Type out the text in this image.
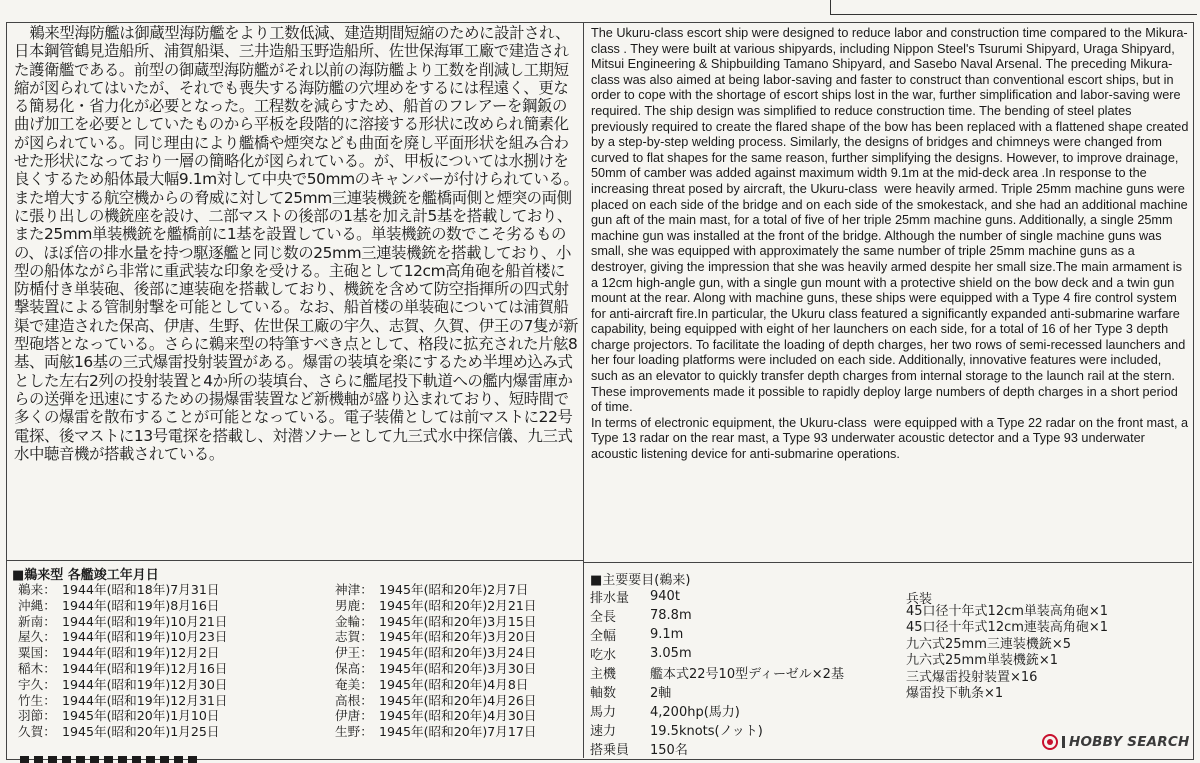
鵜来型海防艦は御蔵型海防艦をより工数低減、建造期間短縮のために設計され、日本鋼管鶴見造船所、浦賀船渠、三井造船玉野造船所、佐世保海軍工廠で建造された護衛艦である。前型の御蔵型海防艦がそれ以前の海防艦より工数を削減し工期短縮が図られてはいたが、それでも喪失する海防艦の穴埋めをするには程遠く、更なる簡易化・省力化が必要となった。工程数を減らすため、船首のフレアーを鋼鈑の曲げ加工を必要としていたものから平板を段階的に溶接する形状に改められ簡素化が図られている。同じ理由により艦橋や煙突なども曲面を廃し平面形状を組み合わせた形状になっており一層の簡略化が図られている。が、甲板については水捌けを良くするため船体最大幅9.1m対して中央で50mmのキャンバーが付けられている。また増大する航空機からの脅威に対して25mm三連装機銃を艦橋両側と煙突の両側に張り出しの機銃座を設け、二部マストの後部の1基を加え計5基を搭載しており、また25mm単装機銃を艦橋前に1基を設置している。単装機銃の数でこそ劣るものの、ほぼ倍の排水量を持つ駆逐艦と同じ数の25mm三連装機銃を搭載しており、小型の船体ながら非常に重武装な印象を受ける。主砲として12cm高角砲を船首楼に防楯付き単装砲、後部に連装砲を搭載しており、機銃を含めて防空指揮所の四式射撃装置による管制射撃を可能としている。なお、船首楼の単装砲については浦賀船渠で建造された保高、伊唐、生野、佐世保工廠の宇久、志賀、久賀、伊王の7隻が新型砲塔となっている。さらに鵜来型の特筆すべき点として、格段に拡充された片舷8基、両舷16基の三式爆雷投射装置がある。爆雷の装填を楽にするため半埋め込み式とした左右2列の投射装置と4か所の装填台、さらに艦尾投下軌道への艦内爆雷庫からの送弾を迅速にするための揚爆雷装置など新機軸が盛り込まれており、短時間で多くの爆雷を散布することが可能となっている。電子装備としては前マストに22号電探、後マストに13号電探を搭載し、対潜ソナーとして九三式水中探信儀、九三式水中聴音機が搭載されている。

The Ukuru-class escort ship were designed to reduce labor and construction time compared to the Mikura-class . They were built at various shipyards, including Nippon Steel's Tsurumi Shipyard, Uraga Shipyard, Mitsui Engineering & Shipbuilding Tamano Shipyard, and Sasebo Naval Arsenal. The preceding Mikura-class was also aimed at being labor-saving and faster to construct than conventional escort ships, but in order to cope with the shortage of escort ships lost in the war, further simplification and labor-saving were required. The ship design was simplified to reduce construction time. The bending of steel plates previously required to create the flared shape of the bow has been replaced with a flattened shape created by a step-by-step welding process. Similarly, the designs of bridges and chimneys were changed from curved to flat shapes for the same reason, further simplifying the designs. However, to improve drainage, 50mm of camber was added against maximum width 9.1m at the mid-deck area .In response to the increasing threat posed by aircraft, the Ukuru-class  were heavily armed. Triple 25mm machine guns were placed on each side of the bridge and on each side of the smokestack, and she had an additional machine gun aft of the main mast, for a total of five of her triple 25mm machine guns. Additionally, a single 25mm machine gun was installed at the front of the bridge. Although the number of single machine guns was small, she was equipped with approximately the same number of triple 25mm machine guns as a destroyer, giving the impression that she was heavily armed despite her small size.The main armament is a 12cm high-angle gun, with a single gun mount with a protective shield on the bow deck and a twin gun mount at the rear. Along with machine guns, these ships were equipped with a Type 4 fire control system for anti-aircraft fire.In particular, the Ukuru class featured a significantly expanded anti-submarine warfare capability, being equipped with eight of her launchers on each side, for a total of 16 of her Type 3 depth charge projectors. To facilitate the loading of depth charges, her two rows of semi-recessed launchers and her four loading platforms were included on each side. Additionally, innovative features were included, such as an elevator to quickly transfer depth charges from internal storage to the launch rail at the stern. These improvements made it possible to rapidly deploy large numbers of depth charges in a short period of time.
In terms of electronic equipment, the Ukuru-class  were equipped with a Type 22 radar on the front mast, a Type 13 radar on the rear mast, a Type 93 underwater acoustic detector and a Type 93 underwater acoustic listening device for anti-submarine operations.

■鵜来型 各艦竣工年月日
鵜来： 1944年(昭和18年)7月31日
沖縄： 1944年(昭和19年)8月16日
新南： 1944年(昭和19年)10月21日
屋久： 1944年(昭和19年)10月23日
粟国： 1944年(昭和19年)12月2日
稲木： 1944年(昭和19年)12月16日
宇久： 1944年(昭和19年)12月30日
竹生： 1944年(昭和19年)12月31日
羽節： 1945年(昭和20年)1月10日
久賀： 1945年(昭和20年)1月25日
神津： 1945年(昭和20年)2月7日
男鹿： 1945年(昭和20年)2月21日
金輪： 1945年(昭和20年)3月15日
志賀： 1945年(昭和20年)3月20日
伊王： 1945年(昭和20年)3月24日
保高： 1945年(昭和20年)3月30日
奄美： 1945年(昭和20年)4月8日
高根： 1945年(昭和20年)4月26日
伊唐： 1945年(昭和20年)4月30日
生野： 1945年(昭和20年)7月17日
■主要要目(鵜来)
排水量	940t
全長	78.8m
全幅	9.1m
吃水	3.05m
主機	艦本式22号10型ディーゼル×2基
軸数	2軸
馬力	4,200hp(馬力)
速力	19.5knots(ノット)
搭乗員	150名
兵装
45口径十年式12cm単装高角砲×1
45口径十年式12cm連装高角砲×1
九六式25mm三連装機銃×5
九六式25mm単装機銃×1
三式爆雷投射装置×16
爆雷投下軌条×1
HOBBY SEARCH
